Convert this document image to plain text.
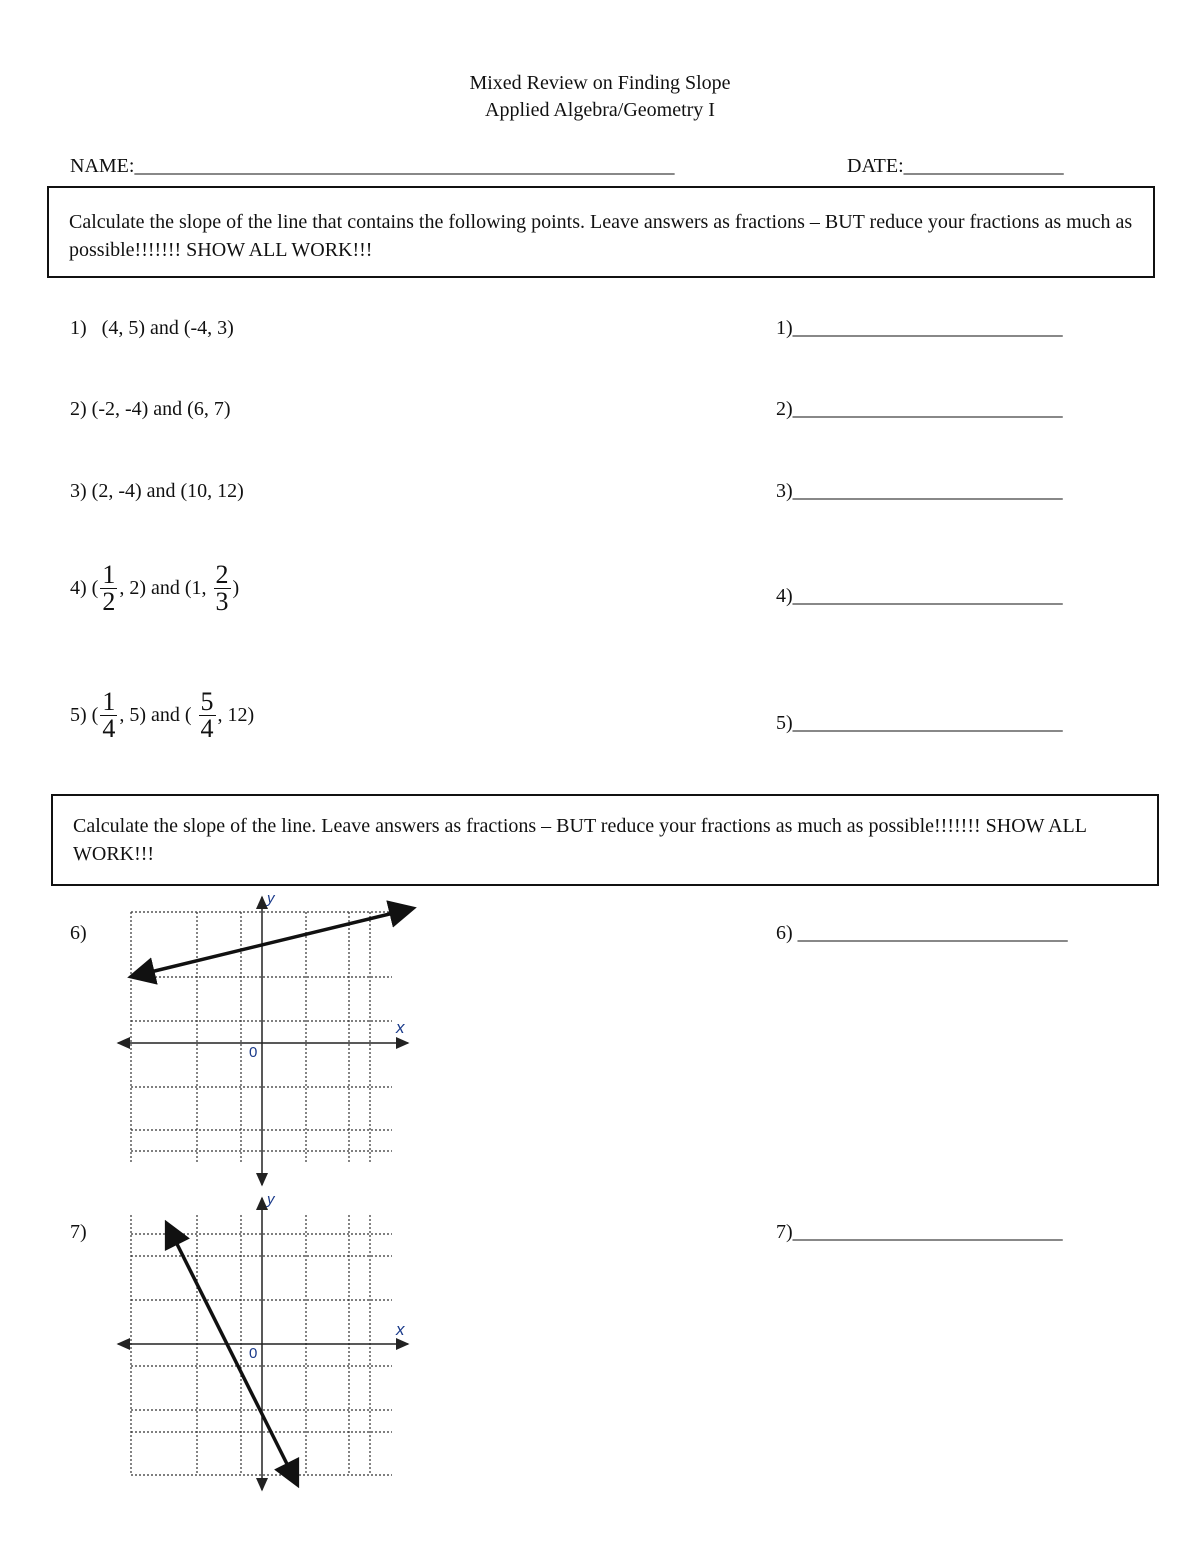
Mixed Review on Finding Slope
Applied Algebra/Geometry I
NAME:______________________________________________________	DATE:________________
Calculate the slope of the line that contains the following points. Leave answers as fractions – BUT reduce your fractions as much as possible!!!!!!! SHOW ALL WORK!!!
1)   (4, 5) and (-4, 3)	1)___________________________
2) (-2, -4) and (6, 7)	2)___________________________
3) (2, -4) and (10, 12)	3)___________________________
4) ( $\frac{1}{2}$ , 2) and (1, $\frac{2}{3}$ )	4)___________________________
5) ( $\frac{1}{4}$ , 5) and ( $\frac{5}{4}$ , 12)	5)___________________________
Calculate the slope of the line. Leave answers as fractions – BUT reduce your fractions as much as possible!!!!!!! SHOW ALL WORK!!!
6)	6) ___________________________
7)	7)___________________________
y
x
0
y
x
0
